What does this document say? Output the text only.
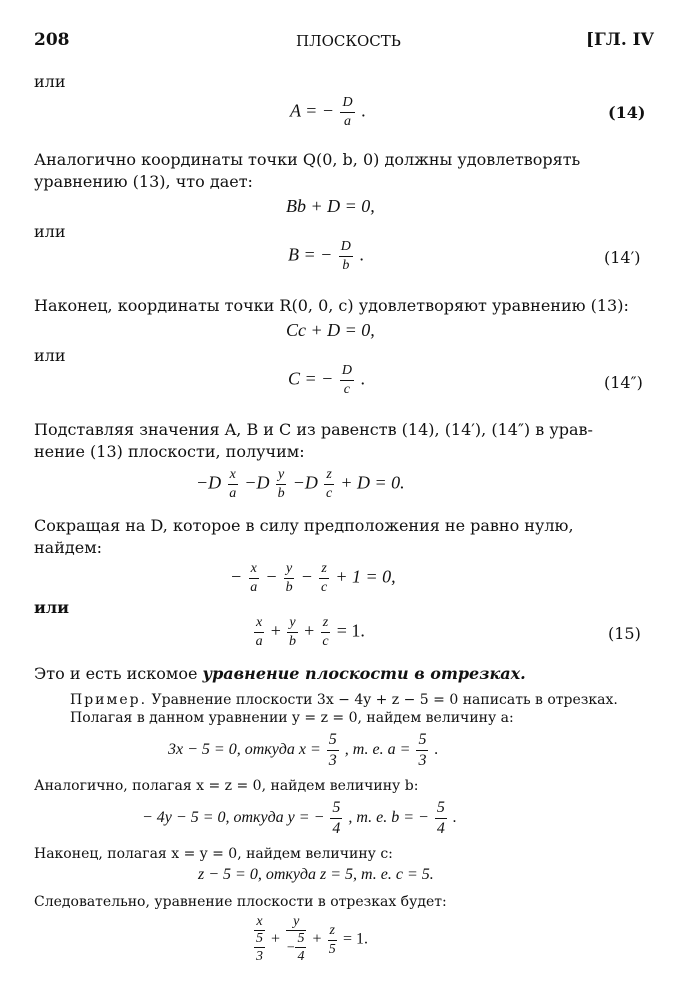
208	ПЛОСКОСТЬ	[ГЛ. IV
или
A = − $\frac{D}{a}$ .	(14)
Аналогично координаты точки Q(0, b, 0) должны удовлетворять
уравнению (13), что дает:
Bb + D = 0,
или
B = − $\frac{D}{b}$ .	(14′)
Наконец, координаты точки R(0, 0, c) удовлетворяют уравнению (13):
Cc + D = 0,
или
C = − $\frac{D}{c}$ .	(14″)
Подставляя значения A, B и C из равенств (14), (14′), (14″) в урав-
нение (13) плоскости, получим:
$-D \frac{x}{a} -D \frac{y}{b} -D \frac{z}{c} + D = 0$.
Сокращая на D, которое в силу предположения не равно нулю,
найдем:
− $\frac{x}{a} - \frac{y}{b} - \frac{z}{c} + 1 = 0$,
или
$\frac{x}{a} + \frac{y}{b} + \frac{z}{c} = 1$.	(15)
Это и есть искомое уравнение плоскости в отрезках.
Пример. Уравнение плоскости 3x − 4y + z − 5 = 0 написать в отрезках.
Полагая в данном уравнении y = z = 0, найдем величину a:
3x − 5 = 0, откуда $x = \frac{5}{3}$ , т. е. $a = \frac{5}{3}$ .
Аналогично, полагая x = z = 0, найдем величину b:
− 4y − 5 = 0, откуда y = − $\frac{5}{4}$ , т. е. b = − $\frac{5}{4}$ .
Наконец, полагая x = y = 0, найдем величину c:
z − 5 = 0, откуда z = 5, т. е. c = 5.
Следовательно, уравнение плоскости в отрезках будет:
$\frac{x}{\frac{5}{3}} + \frac{y}{- \frac{5}{4}} + \frac{z}{5} = 1$.
